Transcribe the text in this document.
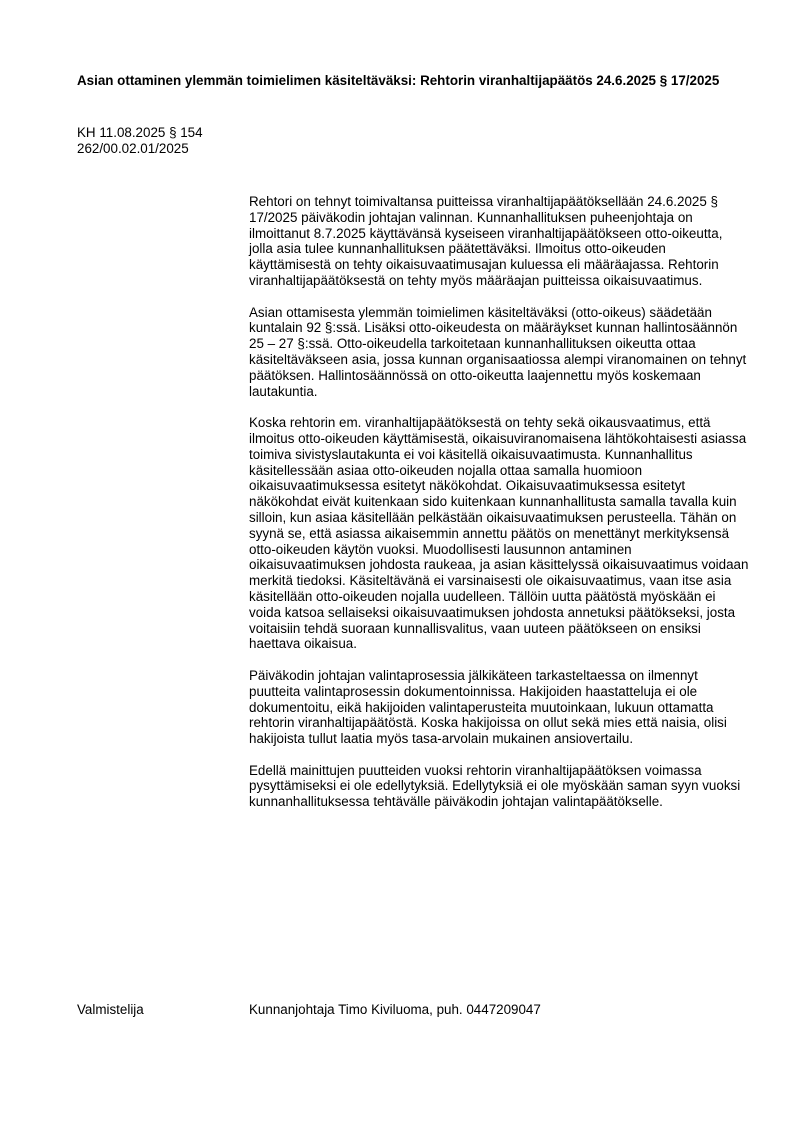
Asian ottaminen ylemmän toimielimen käsiteltäväksi: Rehtorin viranhaltijapäätös 24.6.2025 § 17/2025
KH 11.08.2025 § 154
262/00.02.01/2025

Rehtori on tehnyt toimivaltansa puitteissa viranhaltijapäätöksellään 24.6.2025 § 17/2025 päiväkodin johtajan valinnan. Kunnanhallituksen puheenjohtaja on ilmoittanut 8.7.2025 käyttävänsä kyseiseen viranhaltijapäätökseen otto-oikeutta, jolla asia tulee kunnanhallituksen päätettäväksi. Ilmoitus otto-oikeuden käyttämisestä on tehty oikaisuvaatimusajan kuluessa eli määräajassa. Rehtorin viranhaltijapäätöksestä on tehty myös määräajan puitteissa oikaisuvaatimus.

Asian ottamisesta ylemmän toimielimen käsiteltäväksi (otto-oikeus) säädetään kuntalain 92 §:ssä. Lisäksi otto-oikeudesta on määräykset kunnan hallintosäännön 25 – 27 §:ssä. Otto-oikeudella tarkoitetaan kunnanhallituksen oikeutta ottaa käsiteltäväkseen asia, jossa kunnan organisaatiossa alempi viranomainen on tehnyt päätöksen. Hallintosäännössä on otto-oikeutta laajennettu myös koskemaan lautakuntia.

Koska rehtorin em. viranhaltijapäätöksestä on tehty sekä oikausvaatimus, että ilmoitus otto-oikeuden käyttämisestä, oikaisuviranomaisena lähtökohtaisesti asiassa toimiva sivistyslautakunta ei voi käsitellä oikaisuvaatimusta. Kunnanhallitus käsitellessään asiaa otto-oikeuden nojalla ottaa samalla huomioon oikaisuvaatimuksessa esitetyt näkökohdat. Oikaisuvaatimuksessa esitetyt näkökohdat eivät kuitenkaan sido kuitenkaan kunnanhallitusta samalla tavalla kuin silloin, kun asiaa käsitellään pelkästään oikaisuvaatimuksen perusteella. Tähän on syynä se, että asiassa aikaisemmin annettu päätös on menettänyt merkityksensä otto-oikeuden käytön vuoksi. Muodollisesti lausunnon antaminen oikaisuvaatimuksen johdosta raukeaa, ja asian käsittelyssä oikaisuvaatimus voidaan merkitä tiedoksi. Käsiteltävänä ei varsinaisesti ole oikaisuvaatimus, vaan itse asia käsitellään otto-oikeuden nojalla uudelleen. Tällöin uutta päätöstä myöskään ei voida katsoa sellaiseksi oikaisuvaatimuksen johdosta annetuksi päätökseksi, josta voitaisiin tehdä suoraan kunnallisvalitus, vaan uuteen päätökseen on ensiksi haettava oikaisua.

Päiväkodin johtajan valintaprosessia jälkikäteen tarkasteltaessa on ilmennyt puutteita valintaprosessin dokumentoinnissa. Hakijoiden haastatteluja ei ole dokumentoitu, eikä hakijoiden valintaperusteita muutoinkaan, lukuun ottamatta rehtorin viranhaltijapäätöstä. Koska hakijoissa on ollut sekä mies että naisia, olisi hakijoista tullut laatia myös tasa-arvolain mukainen ansiovertailu.

Edellä mainittujen puutteiden vuoksi rehtorin viranhaltijapäätöksen voimassa pysyttämiseksi ei ole edellytyksiä. Edellytyksiä ei ole myöskään saman syyn vuoksi kunnanhallituksessa tehtävälle päiväkodin johtajan valintapäätökselle.

Valmistelija	Kunnanjohtaja Timo Kiviluoma, puh. 0447209047
